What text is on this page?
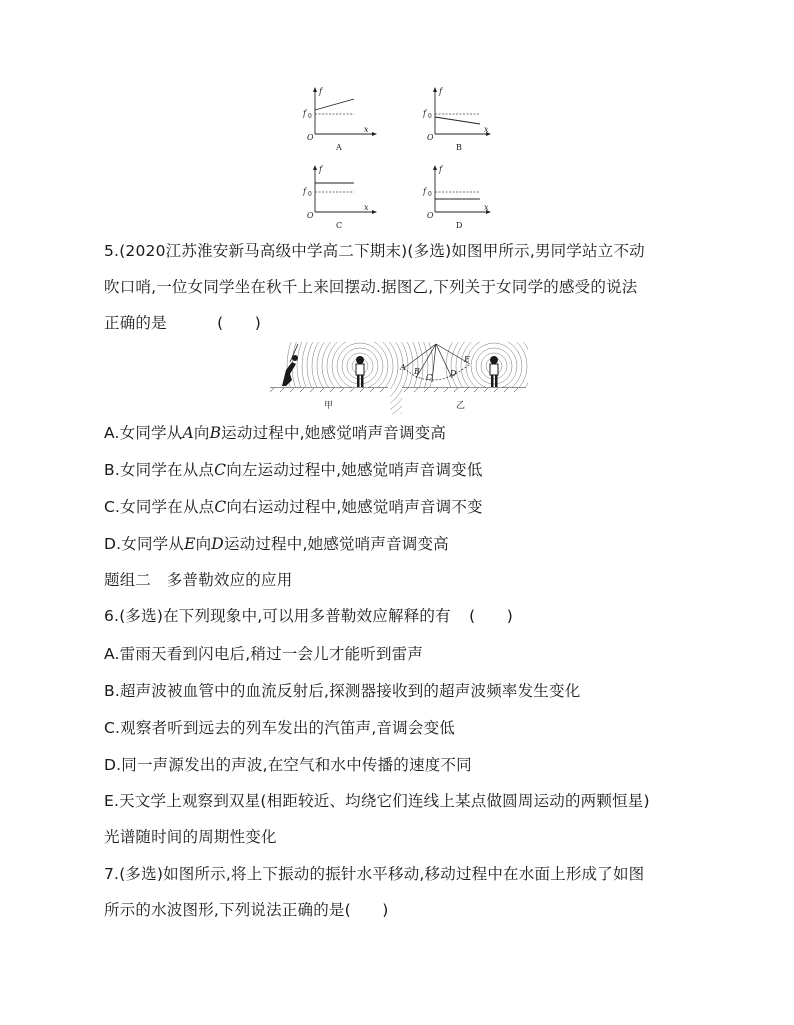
f
f 0
O
x
A
f
f 0
O
x
B
f
f 0
O
x
C
f
f 0
O
x
D
5.(2020江苏淮安新马高级中学高二下期末)(多选)如图甲所示,男同学站立不动
吹口哨,一位女同学坐在秋千上来回摆动.据图乙,下列关于女同学的感受的说法
正确的是	(　　)
甲
A B
C D
E
乙
A.女同学从A向B运动过程中,她感觉哨声音调变高
B.女同学在从点C向左运动过程中,她感觉哨声音调变低
C.女同学在从点C向右运动过程中,她感觉哨声音调不变
D.女同学从E向D运动过程中,她感觉哨声音调变高
题组二　多普勒效应的应用
6.(多选)在下列现象中,可以用多普勒效应解释的有 (　　)
A.雷雨天看到闪电后,稍过一会儿才能听到雷声
B.超声波被血管中的血流反射后,探测器接收到的超声波频率发生变化
C.观察者听到远去的列车发出的汽笛声,音调会变低
D.同一声源发出的声波,在空气和水中传播的速度不同
E.天文学上观察到双星(相距较近、均绕它们连线上某点做圆周运动的两颗恒星)
光谱随时间的周期性变化
7.(多选)如图所示,将上下振动的振针水平移动,移动过程中在水面上形成了如图
所示的水波图形,下列说法正确的是(　　)
